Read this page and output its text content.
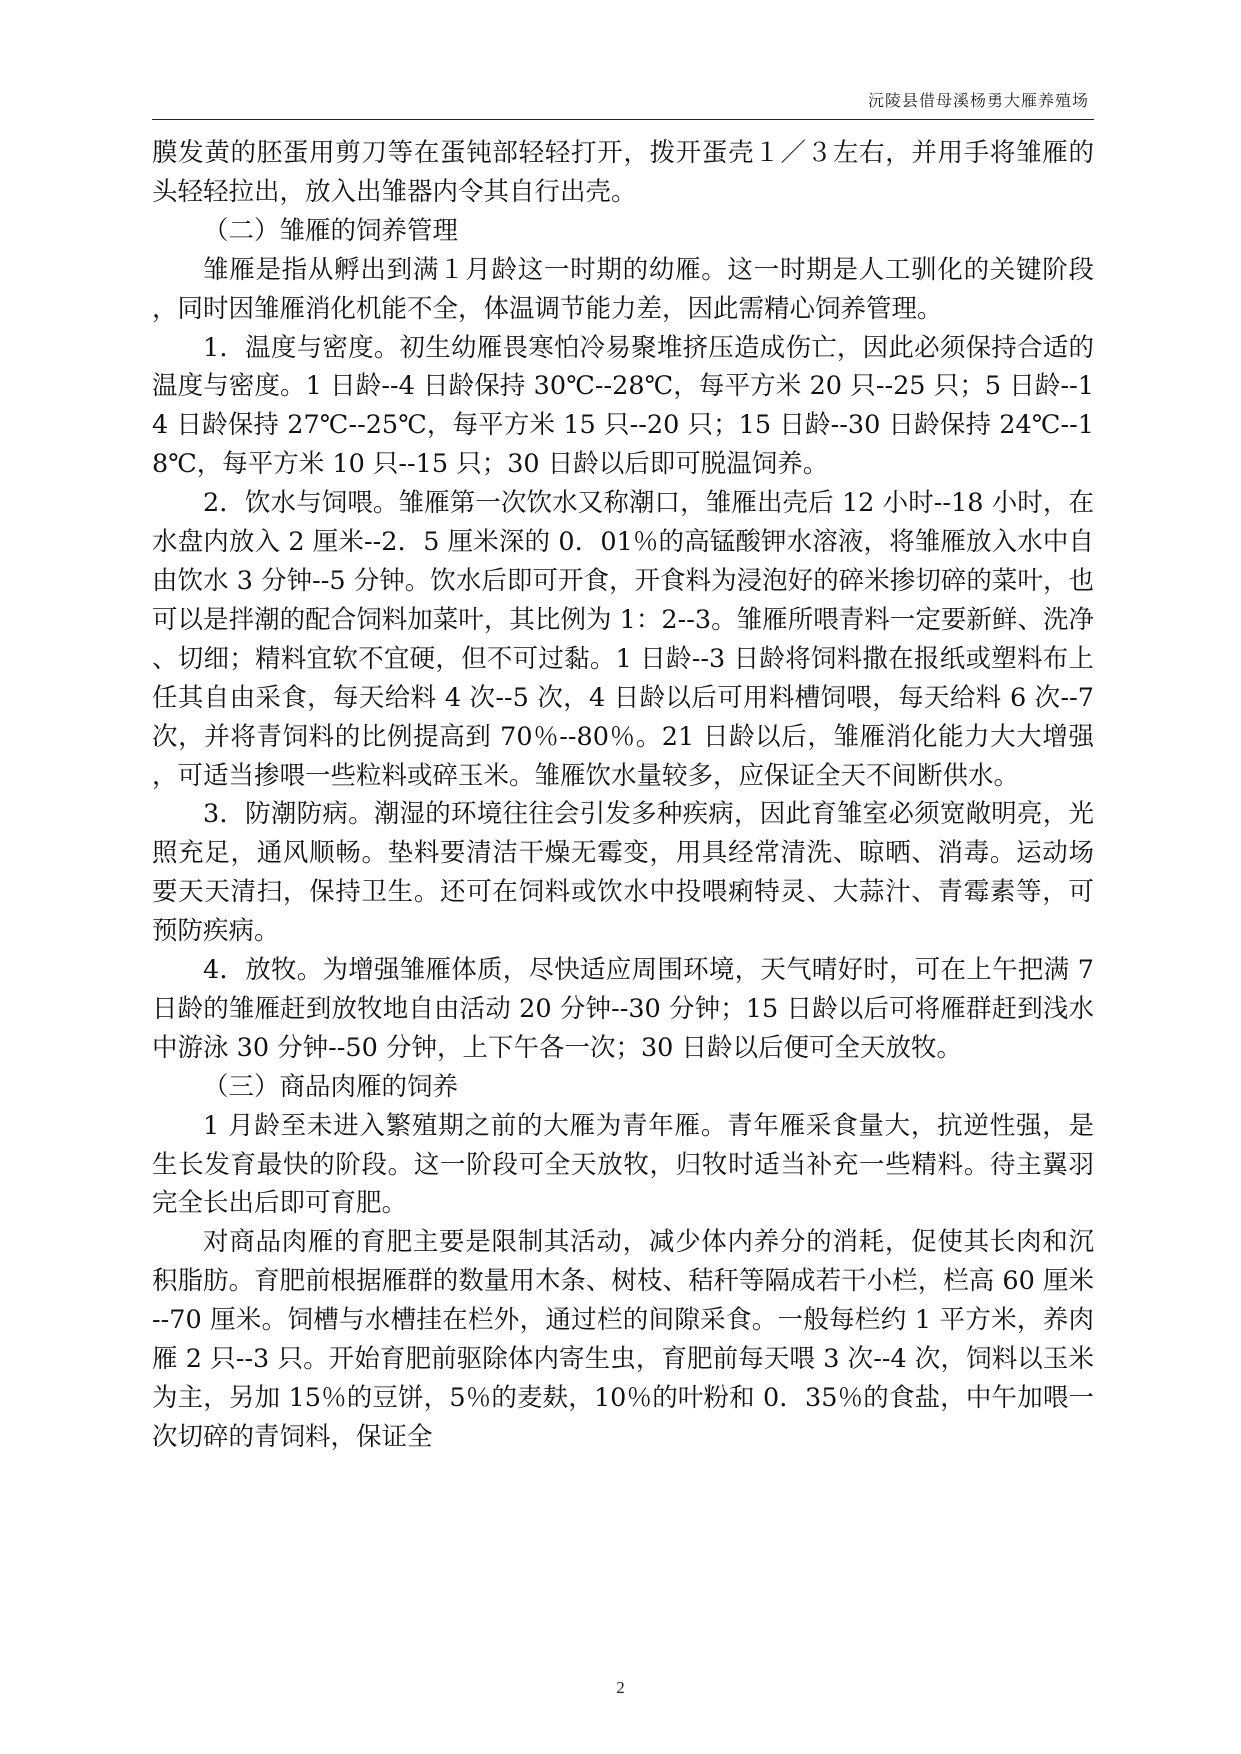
沅陵县借母溪杨勇大雁养殖场

膜发黄的胚蛋用剪刀等在蛋钝部轻轻打开，拨开蛋壳１／３左右，并用手将雏雁的头轻轻拉出，放入出雏器内令其自行出壳。

（二）雏雁的饲养管理

雏雁是指从孵出到满１月龄这一时期的幼雁。这一时期是人工驯化的关键阶段，同时因雏雁消化机能不全，体温调节能力差，因此需精心饲养管理。

1．温度与密度。初生幼雁畏寒怕冷易聚堆挤压造成伤亡，因此必须保持合适的温度与密度。1 日龄--4 日龄保持 30℃--28℃，每平方米 20 只--25 只；5 日龄--14 日龄保持 27℃--25℃，每平方米 15 只--20 只；15 日龄--30 日龄保持 24℃--18℃，每平方米 10 只--15 只；30 日龄以后即可脱温饲养。

2．饮水与饲喂。雏雁第一次饮水又称潮口，雏雁出壳后 12 小时--18 小时，在水盘内放入 2 厘米--2．5 厘米深的 0．01％的高锰酸钾水溶液，将雏雁放入水中自由饮水 3 分钟--5 分钟。饮水后即可开食，开食料为浸泡好的碎米掺切碎的菜叶，也可以是拌潮的配合饲料加菜叶，其比例为 1：2--3。雏雁所喂青料一定要新鲜、洗净、切细；精料宜软不宜硬，但不可过黏。1 日龄--3 日龄将饲料撒在报纸或塑料布上任其自由采食，每天给料 4 次--5 次，4 日龄以后可用料槽饲喂，每天给料 6 次--7 次，并将青饲料的比例提高到 70％--80％。21 日龄以后，雏雁消化能力大大增强，可适当掺喂一些粒料或碎玉米。雏雁饮水量较多，应保证全天不间断供水。

3．防潮防病。潮湿的环境往往会引发多种疾病，因此育雏室必须宽敞明亮，光照充足，通风顺畅。垫料要清洁干燥无霉变，用具经常清洗、晾晒、消毒。运动场要天天清扫，保持卫生。还可在饲料或饮水中投喂痢特灵、大蒜汁、青霉素等，可预防疾病。

4．放牧。为增强雏雁体质，尽快适应周围环境，天气晴好时，可在上午把满 7 日龄的雏雁赶到放牧地自由活动 20 分钟--30 分钟；15 日龄以后可将雁群赶到浅水中游泳 30 分钟--50 分钟，上下午各一次；30 日龄以后便可全天放牧。

（三）商品肉雁的饲养

1 月龄至未进入繁殖期之前的大雁为青年雁。青年雁采食量大，抗逆性强，是生长发育最快的阶段。这一阶段可全天放牧，归牧时适当补充一些精料。待主翼羽完全长出后即可育肥。

对商品肉雁的育肥主要是限制其活动，减少体内养分的消耗，促使其长肉和沉积脂肪。育肥前根据雁群的数量用木条、树枝、秸秆等隔成若干小栏，栏高 60 厘米--70 厘米。饲槽与水槽挂在栏外，通过栏的间隙采食。一般每栏约 1 平方米，养肉雁 2 只--3 只。开始育肥前驱除体内寄生虫，育肥前每天喂 3 次--4 次，饲料以玉米为主，另加 15％的豆饼，5％的麦麸，10％的叶粉和 0．35％的食盐，中午加喂一次切碎的青饲料，保证全

2
